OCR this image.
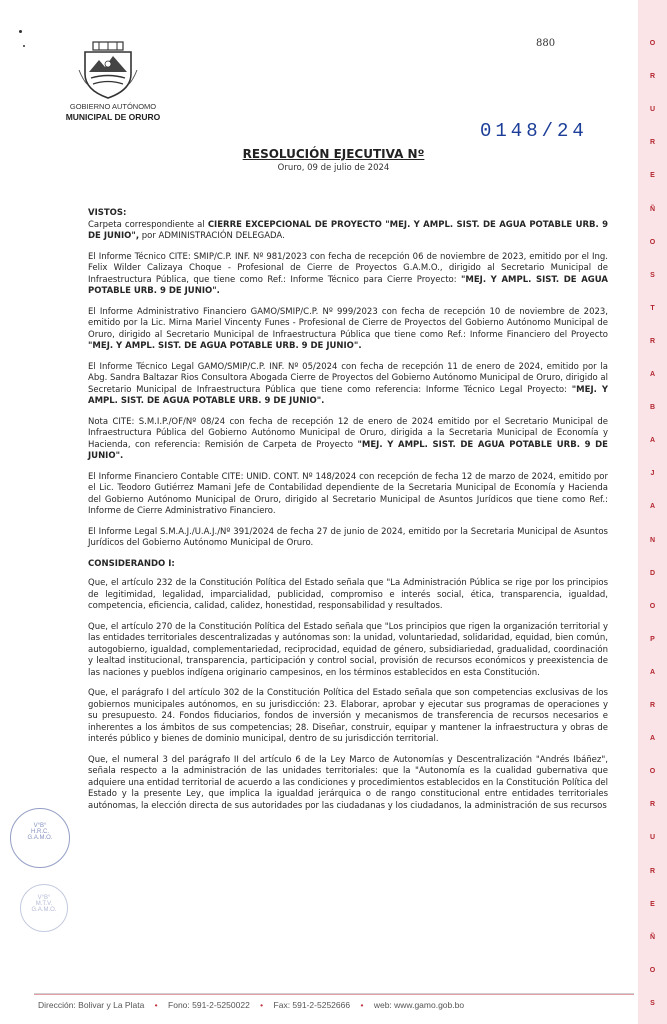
880
GOBIERNO AUTÓNOMO
MUNICIPAL DE ORURO
0148/24
RESOLUCIÓN EJECUTIVA Nº
Oruro, 09 de julio de 2024

VISTOS:

Carpeta correspondiente al CIERRE EXCEPCIONAL DE PROYECTO "MEJ. Y AMPL. SIST. DE AGUA POTABLE URB. 9 DE JUNIO", por ADMINISTRACIÓN DELEGADA.

El Informe Técnico CITE: SMIP/C.P. INF. Nº 981/2023 con fecha de recepción 06 de noviembre de 2023, emitido por el Ing. Felix Wilder Calizaya Choque - Profesional de Cierre de Proyectos G.A.M.O., dirigido al Secretario Municipal de Infraestructura Pública, que tiene como Ref.: Informe Técnico para Cierre Proyecto: "MEJ. Y AMPL. SIST. DE AGUA POTABLE URB. 9 DE JUNIO".

El Informe Administrativo Financiero GAMO/SMIP/C.P. Nº 999/2023 con fecha de recepción 10 de noviembre de 2023, emitido por la Lic. Mirna Mariel Vincenty Funes - Profesional de Cierre de Proyectos del Gobierno Autónomo Municipal de Oruro, dirigido al Secretario Municipal de Infraestructura Pública que tiene como Ref.: Informe Financiero del Proyecto "MEJ. Y AMPL. SIST. DE AGUA POTABLE URB. 9 DE JUNIO".

El Informe Técnico Legal GAMO/SMIP/C.P. INF. Nº 05/2024 con fecha de recepción 11 de enero de 2024, emitido por la Abg. Sandra Baltazar Rios Consultora Abogada Cierre de Proyectos del Gobierno Autónomo Municipal de Oruro, dirigido al Secretario Municipal de Infraestructura Pública que tiene como referencia: Informe Técnico Legal Proyecto: "MEJ. Y AMPL. SIST. DE AGUA POTABLE URB. 9 DE JUNIO".

Nota CITE: S.M.I.P./OF/Nº 08/24 con fecha de recepción 12 de enero de 2024 emitido por el Secretario Municipal de Infraestructura Pública del Gobierno Autónomo Municipal de Oruro, dirigida a la Secretaria Municipal de Economía y Hacienda, con referencia: Remisión de Carpeta de Proyecto "MEJ. Y AMPL. SIST. DE AGUA POTABLE URB. 9 DE JUNIO".

El Informe Financiero Contable CITE: UNID. CONT. Nº 148/2024 con recepción de fecha 12 de marzo de 2024, emitido por el Lic. Teodoro Gutiérrez Mamani Jefe de Contabilidad dependiente de la Secretaria Municipal de Economía y Hacienda del Gobierno Autónomo Municipal de Oruro, dirigido al Secretario Municipal de Asuntos Jurídicos que tiene como Ref.: Informe de Cierre Administrativo Financiero.

El Informe Legal S.M.A.J./U.A.J./Nº 391/2024 de fecha 27 de junio de 2024, emitido por la Secretaria Municipal de Asuntos Jurídicos del Gobierno Autónomo Municipal de Oruro.

CONSIDERANDO I:

Que, el artículo 232 de la Constitución Política del Estado señala que "La Administración Pública se rige por los principios de legitimidad, legalidad, imparcialidad, publicidad, compromiso e interés social, ética, transparencia, igualdad, competencia, eficiencia, calidad, calidez, honestidad, responsabilidad y resultados.

Que, el artículo 270 de la Constitución Política del Estado señala que "Los principios que rigen la organización territorial y las entidades territoriales descentralizadas y autónomas son: la unidad, voluntariedad, solidaridad, equidad, bien común, autogobierno, igualdad, complementariedad, reciprocidad, equidad de género, subsidiariedad, gradualidad, coordinación y lealtad institucional, transparencia, participación y control social, provisión de recursos económicos y preexistencia de las naciones y pueblos indígena originario campesinos, en los términos establecidos en esta Constitución.

Que, el parágrafo I del artículo 302 de la Constitución Política del Estado señala que son competencias exclusivas de los gobiernos municipales autónomos, en su jurisdicción: 23. Elaborar, aprobar y ejecutar sus programas de operaciones y su presupuesto. 24. Fondos fiduciarios, fondos de inversión y mecanismos de transferencia de recursos necesarios e inherentes a los ámbitos de sus competencias; 28. Diseñar, construir, equipar y mantener la infraestructura y obras de interés público y bienes de dominio municipal, dentro de su jurisdicción territorial.

Que, el numeral 3 del parágrafo II del artículo 6 de la Ley Marco de Autonomías y Descentralización "Andrés Ibáñez", señala respecto a la administración de las unidades territoriales: que la "Autonomía es la cualidad gubernativa que adquiere una entidad territorial de acuerdo a las condiciones y procedimientos establecidos en la Constitución Política del Estado y la presente Ley, que implica la igualdad jerárquica o de rango constitucional entre entidades territoriales autónomas, la elección directa de sus autoridades por las ciudadanas y los ciudadanos, la administración de sus recursos

V°B°
H.R.C.
G.A.M.O.
V°B°
M.T.V.
G.A.M.O.
O
R
U
R
E
Ñ
O
S
T
R
A
B
A
J
A
N
D
O
P
A
R
A
O
R
U
R
E
Ñ
O
S
Dirección: Bolivar y La Plata • Fono: 591-2-5250022 • Fax: 591-2-5252666 • web: www.gamo.gob.bo
